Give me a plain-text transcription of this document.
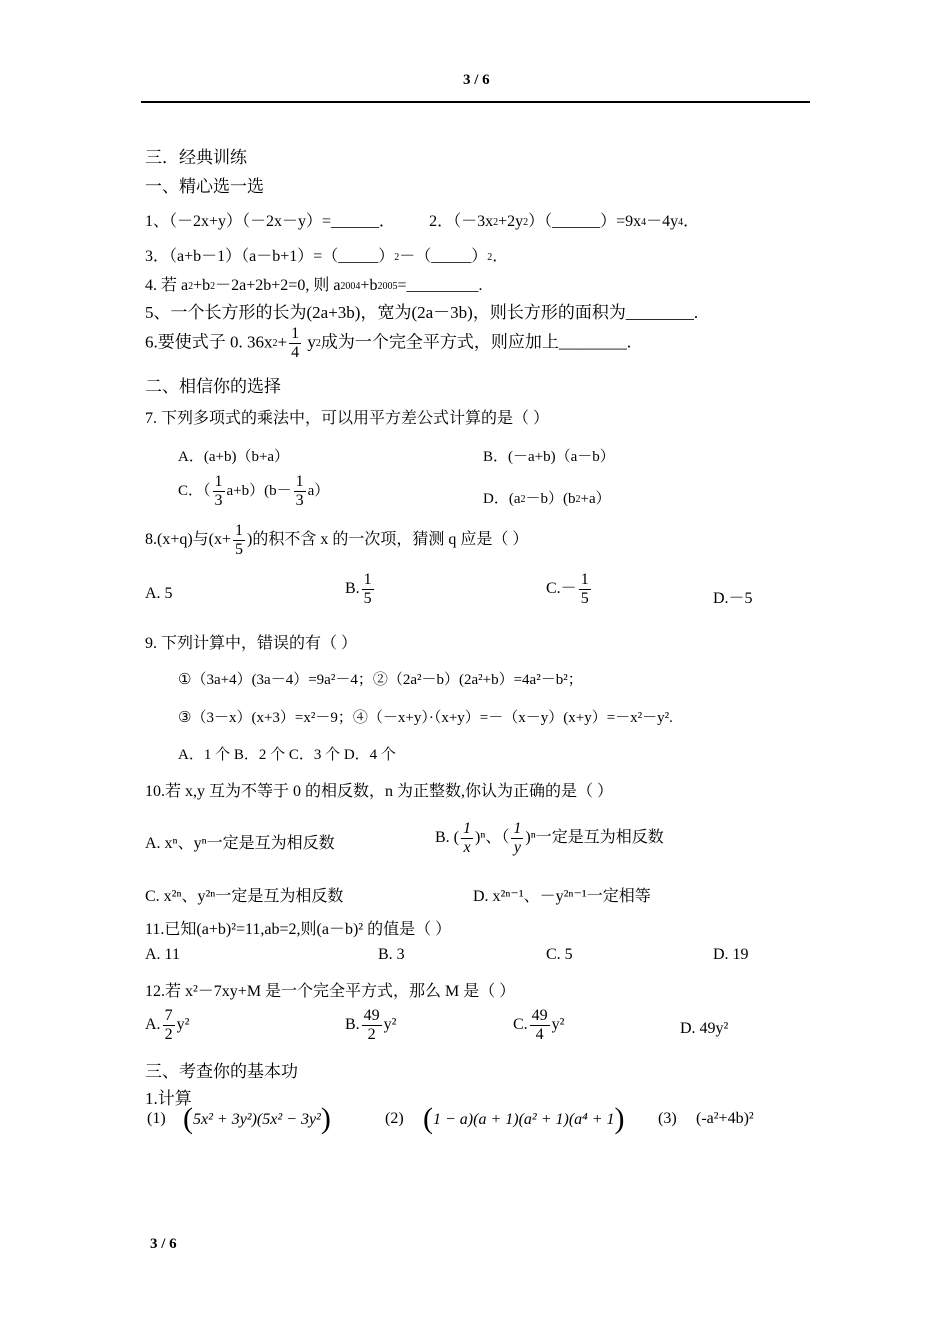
3 / 6
三．经典训练
一、精心选一选
1、（－2x+y）（－2x－y）=______． 2．（－3x2+2y2）（______）=9x4－4y4．
3．（a+b－1）（a－b+1）=（_____）2－（_____）2．
4. 若 a2+b2－2a+2b+2=0, 则 a2004+b2005=_________.
5、一个长方形的长为(2a+3b)，宽为(2a－3b)，则长方形的面积为________.
6.要使式子 0. $36x2+ \frac{1}{4} y2$成为一个完全平方式，则应加上________.
二、相信你的选择
7. 下列多项式的乘法中，可以用平方差公式计算的是（ ）
A．(a+b)（b+a）	B．(－a+b)（a－b）
C．（ $\frac{1}{3} a+b)(b- \frac{1}{3} a)$
D．(a2－b）(b2+a）
8.(x+q)与($x+ \frac{1}{5}$ )的积不含 x 的一次项，猜测 q 应是（ ）
A. 5	B. $\frac{1}{5}$	$C.- \frac{1}{5}$	D.－5
9. 下列计算中，错误的有（ ）
①（3a+4）(3a－4）=9a²－4；②（2a²－b）(2a²+b）=4a²－b²；
③（3－x）(x+3）=x²－9；④（－x+y）·（x+y）=－（x－y）(x+y）=－x²－y².
A．1 个 B．2 个 C．3 个 D．4 个
10.若 x,y 互为不等于 0 的相反数，n 为正整数,你认为正确的是（ ）
A. xⁿ、yⁿ一定是互为相反数	B. ( $\frac{1}{x} )^n$、（ $\frac{1}{y} )^n$一定是互为相反数
C. x²ⁿ、y²ⁿ一定是互为相反数	D. x²ⁿ⁻¹、－y²ⁿ⁻¹一定相等
11.已知(a+b)²=11,ab=2,则(a－b)² 的值是（ ）
A. 11	B. 3	C. 5	D. 19
12.若 x²－7xy+M 是一个完全平方式，那么 M 是（ ）
A. $\frac{7}{2} y^2$	B. $\frac{49}{2} y^2$	C. $\frac{49}{4} y^2$	D. 49y²
三、考查你的基本功
1.计算
(1) (5x² + 3y²)(5x² − 3y²)	(2) (1 − a)(a + 1)(a² + 1)(a⁴ + 1) (3) (-a²+4b)²
3 / 6
